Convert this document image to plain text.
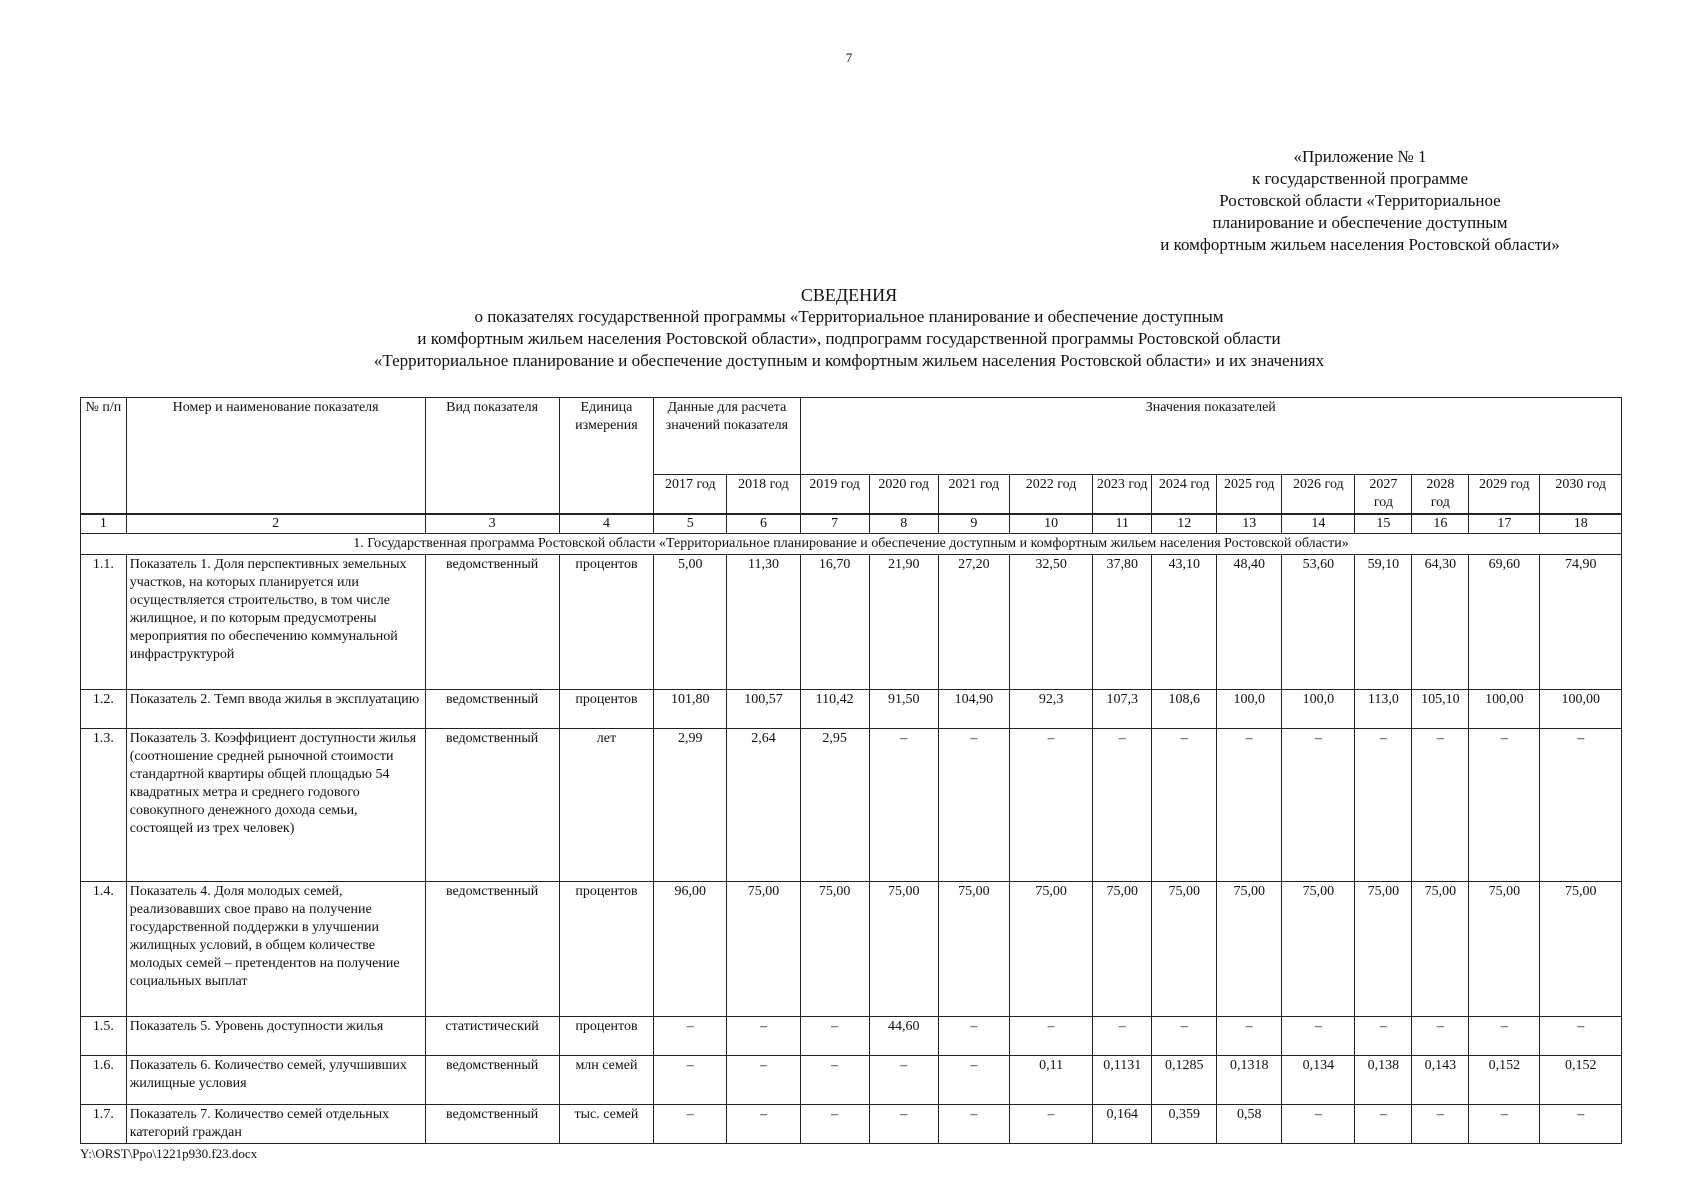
7
«Приложение № 1
к государственной программе
Ростовской области «Территориальное
планирование и обеспечение доступным
и комфортным жильем населения Ростовской области»
СВЕДЕНИЯ
о показателях государственной программы «Территориальное планирование и обеспечение доступным
и комфортным жильем населения Ростовской области», подпрограмм государственной программы Ростовской области
«Территориальное планирование и обеспечение доступным и комфортным жильем населения Ростовской области» и их значениях
№ п/п	Номер и наименование показателя	Вид показателя	Единица измерения	Данные для расчета значений показателя		Значения показателей											
				2017 год	2018 год	2019 год	2020 год	2021 год	2022 год	2023 год	2024 год	2025 год	2026 год	2027 год	2028 год	2029 год	2030 год
1	2	3	4	5	6	7	8	9	10	11	12	13	14	15	16	17	18
1. Государственная программа Ростовской области «Территориальное планирование и обеспечение доступным и комфортным жильем населения Ростовской области»																	
1.1.	Показатель 1. Доля перспективных земельных участков, на которых планируется или осуществляется строительство, в том числе жилищное, и по которым предусмотрены мероприятия по обеспечению коммунальной инфраструктурой	ведомственный	процентов	5,00	11,30	16,70	21,90	27,20	32,50	37,80	43,10	48,40	53,60	59,10	64,30	69,60	74,90
1.2.	Показатель 2. Темп ввода жилья в эксплуатацию	ведомственный	процентов	101,80	100,57	110,42	91,50	104,90	92,3	107,3	108,6	100,0	100,0	113,0	105,10	100,00	100,00
1.3.	Показатель 3. Коэффициент доступности жилья (соотношение средней рыночной стоимости стандартной квартиры общей площадью 54 квадратных метра и среднего годового совокупного денежного дохода семьи, состоящей из трех человек)	ведомственный	лет	2,99	2,64	2,95	–	–	–	–	–	–	–	–	–	–	–
1.4.	Показатель 4. Доля молодых семей, реализовавших свое право на получение государственной поддержки в улучшении жилищных условий, в общем количестве молодых семей – претендентов на получение социальных выплат	ведомственный	процентов	96,00	75,00	75,00	75,00	75,00	75,00	75,00	75,00	75,00	75,00	75,00	75,00	75,00	75,00
1.5.	Показатель 5. Уровень доступности жилья	статистический	процентов	–	–	–	44,60	–	–	–	–	–	–	–	–	–	–
1.6.	Показатель 6. Количество семей, улучшивших жилищные условия	ведомственный	млн семей	–	–	–	–	–	0,11	0,1131	0,1285	0,1318	0,134	0,138	0,143	0,152	0,152
1.7.	Показатель 7. Количество семей отдельных категорий граждан	ведомственный	тыс. семей	–	–	–	–	–	–	0,164	0,359	0,58	–	–	–	–	–
Y:\ORST\Ppo\1221p930.f23.docx
